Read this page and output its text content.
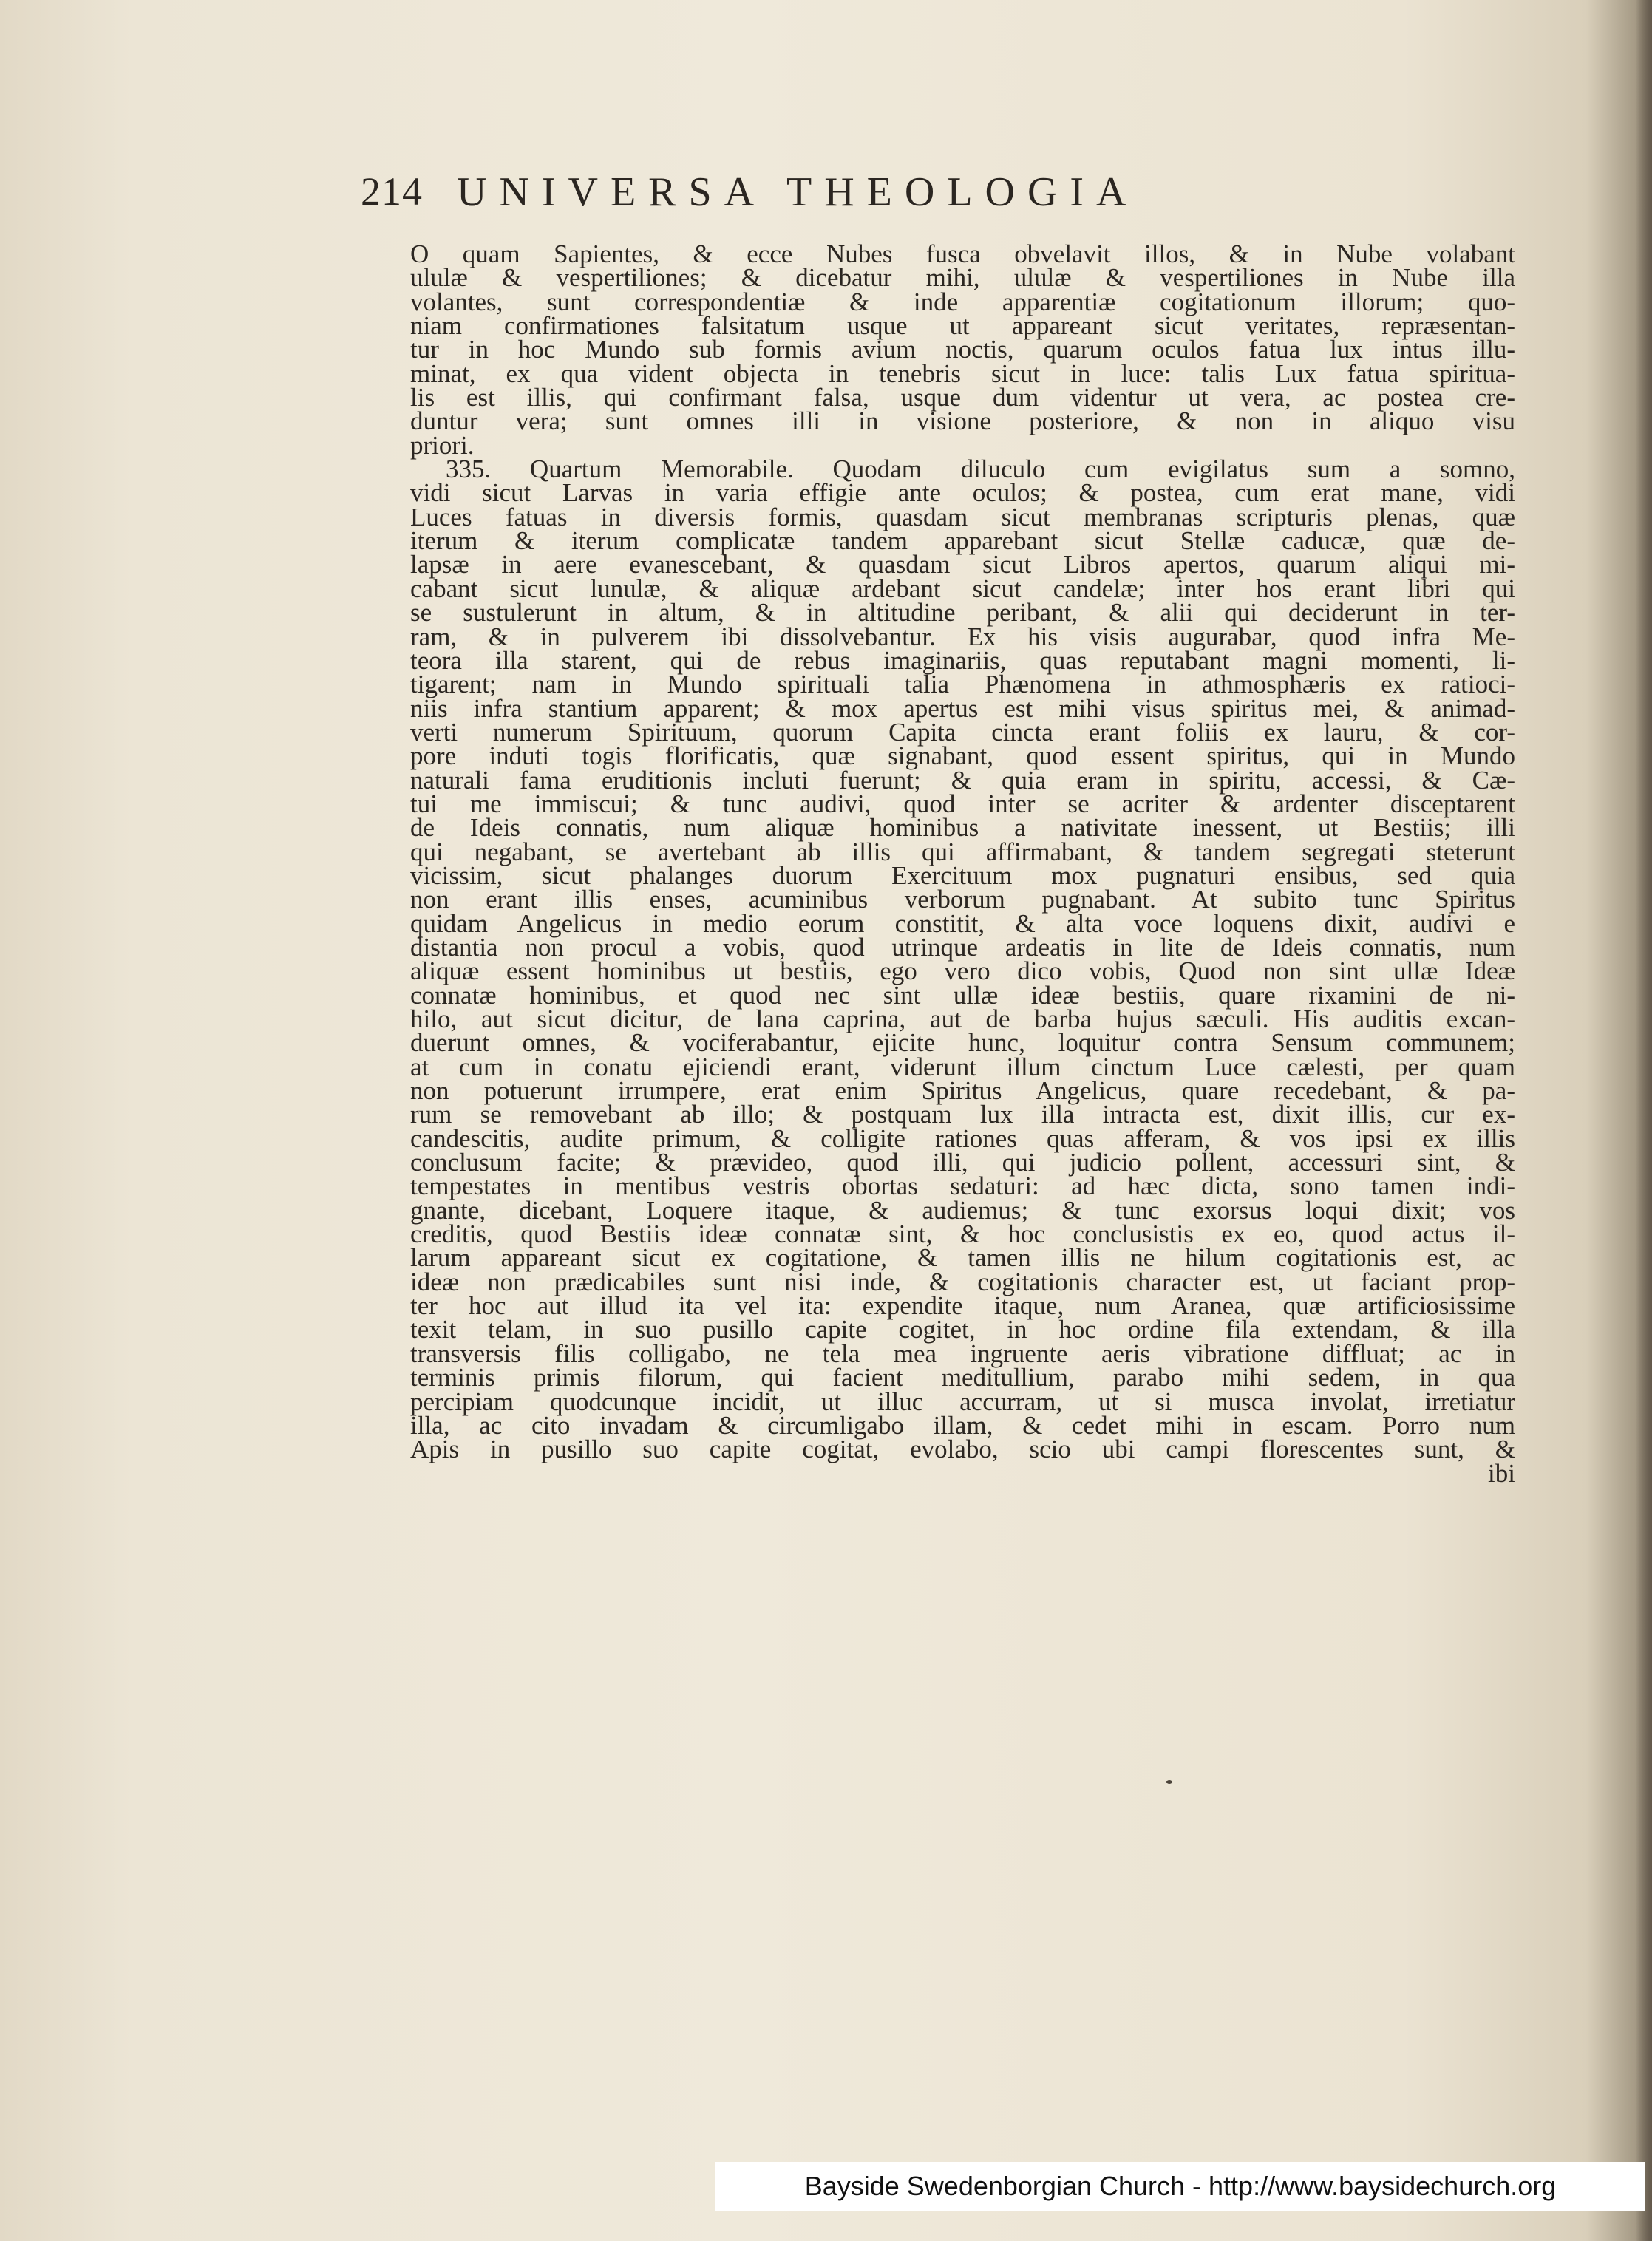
214 UNIVERSA THEOLOGIA
O quam Sapientes, & ecce Nubes fusca obvelavit illos, & in Nube volabant
ululæ & vespertiliones; & dicebatur mihi, ululæ & vespertiliones in Nube illa
volantes, sunt correspondentiæ & inde apparentiæ cogitationum illorum; quo-
niam confirmationes falsitatum usque ut appareant sicut veritates, repræsentan-
tur in hoc Mundo sub formis avium noctis, quarum oculos fatua lux intus illu-
minat, ex qua vident objecta in tenebris sicut in luce: talis Lux fatua spiritua-
lis est illis, qui confirmant falsa, usque dum videntur ut vera, ac postea cre-
duntur vera; sunt omnes illi in visione posteriore, & non in aliquo visu
priori.
335. Quartum Memorabile. Quodam diluculo cum evigilatus sum a somno,
vidi sicut Larvas in varia effigie ante oculos; & postea, cum erat mane, vidi
Luces fatuas in diversis formis, quasdam sicut membranas scripturis plenas, quæ
iterum & iterum complicatæ tandem apparebant sicut Stellæ caducæ, quæ de-
lapsæ in aere evanescebant, & quasdam sicut Libros apertos, quarum aliqui mi-
cabant sicut lunulæ, & aliquæ ardebant sicut candelæ; inter hos erant libri qui
se sustulerunt in altum, & in altitudine peribant, & alii qui deciderunt in ter-
ram, & in pulverem ibi dissolvebantur. Ex his visis augurabar, quod infra Me-
teora illa starent, qui de rebus imaginariis, quas reputabant magni momenti, li-
tigarent; nam in Mundo spirituali talia Phænomena in athmosphæris ex ratioci-
niis infra stantium apparent; & mox apertus est mihi visus spiritus mei, & animad-
verti numerum Spirituum, quorum Capita cincta erant foliis ex lauru, & cor-
pore induti togis florificatis, quæ signabant, quod essent spiritus, qui in Mundo
naturali fama eruditionis incluti fuerunt; & quia eram in spiritu, accessi, & Cæ-
tui me immiscui; & tunc audivi, quod inter se acriter & ardenter disceptarent
de Ideis connatis, num aliquæ hominibus a nativitate inessent, ut Bestiis; illi
qui negabant, se avertebant ab illis qui affirmabant, & tandem segregati steterunt
vicissim, sicut phalanges duorum Exercituum mox pugnaturi ensibus, sed quia
non erant illis enses, acuminibus verborum pugnabant. At subito tunc Spiritus
quidam Angelicus in medio eorum constitit, & alta voce loquens dixit, audivi e
distantia non procul a vobis, quod utrinque ardeatis in lite de Ideis connatis, num
aliquæ essent hominibus ut bestiis, ego vero dico vobis, Quod non sint ullæ Ideæ
connatæ hominibus, et quod nec sint ullæ ideæ bestiis, quare rixamini de ni-
hilo, aut sicut dicitur, de lana caprina, aut de barba hujus sæculi. His auditis excan-
duerunt omnes, & vociferabantur, ejicite hunc, loquitur contra Sensum communem;
at cum in conatu ejiciendi erant, viderunt illum cinctum Luce cælesti, per quam
non potuerunt irrumpere, erat enim Spiritus Angelicus, quare recedebant, & pa-
rum se removebant ab illo; & postquam lux illa intracta est, dixit illis, cur ex-
candescitis, audite primum, & colligite rationes quas afferam, & vos ipsi ex illis
conclusum facite; & prævideo, quod illi, qui judicio pollent, accessuri sint, &
tempestates in mentibus vestris obortas sedaturi: ad hæc dicta, sono tamen indi-
gnante, dicebant, Loquere itaque, & audiemus; & tunc exorsus loqui dixit; vos
creditis, quod Bestiis ideæ connatæ sint, & hoc conclusistis ex eo, quod actus il-
larum appareant sicut ex cogitatione, & tamen illis ne hilum cogitationis est, ac
ideæ non prædicabiles sunt nisi inde, & cogitationis character est, ut faciant prop-
ter hoc aut illud ita vel ita: expendite itaque, num Aranea, quæ artificiosissime
texit telam, in suo pusillo capite cogitet, in hoc ordine fila extendam, & illa
transversis filis colligabo, ne tela mea ingruente aeris vibratione diffluat; ac in
terminis primis filorum, qui facient meditullium, parabo mihi sedem, in qua
percipiam quodcunque incidit, ut illuc accurram, ut si musca involat, irretiatur
illa, ac cito invadam & circumligabo illam, & cedet mihi in escam. Porro num
Apis in pusillo suo capite cogitat, evolabo, scio ubi campi florescentes sunt, &
ibi
Bayside Swedenborgian Church - http://www.baysidechurch.org
